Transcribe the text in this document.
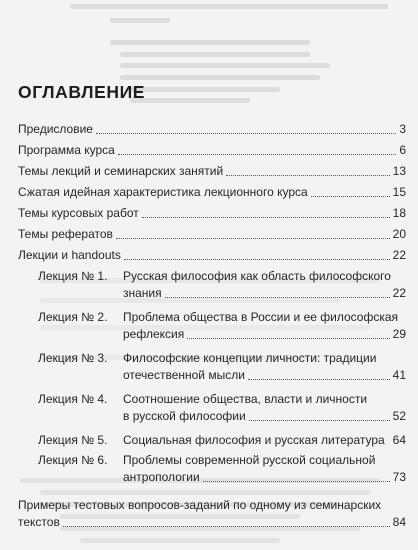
ОГЛАВЛЕНИЕ
Предисловие	3
Программа курса	6
Темы лекций и семинарских занятий	13
Сжатая идейная характеристика лекционного курса	15
Темы курсовых работ	18
Темы рефератов	20
Лекции и handouts	22
Лекция № 1. Русская философия как область философского
знания	22
Лекция № 2. Проблема общества в России и ее философская
рефлексия	29
Лекция № 3. Философские концепции личности: традиции
отечественной мысли	41
Лекция № 4. Соотношение общества, власти и личности
в русской философии	52
Лекция № 5. Социальная философия и русская литература 64
Лекция № 6. Проблемы современной русской социальной
антропологии	73
Примеры тестовых вопросов-заданий по одному из семинарских
текстов	84
